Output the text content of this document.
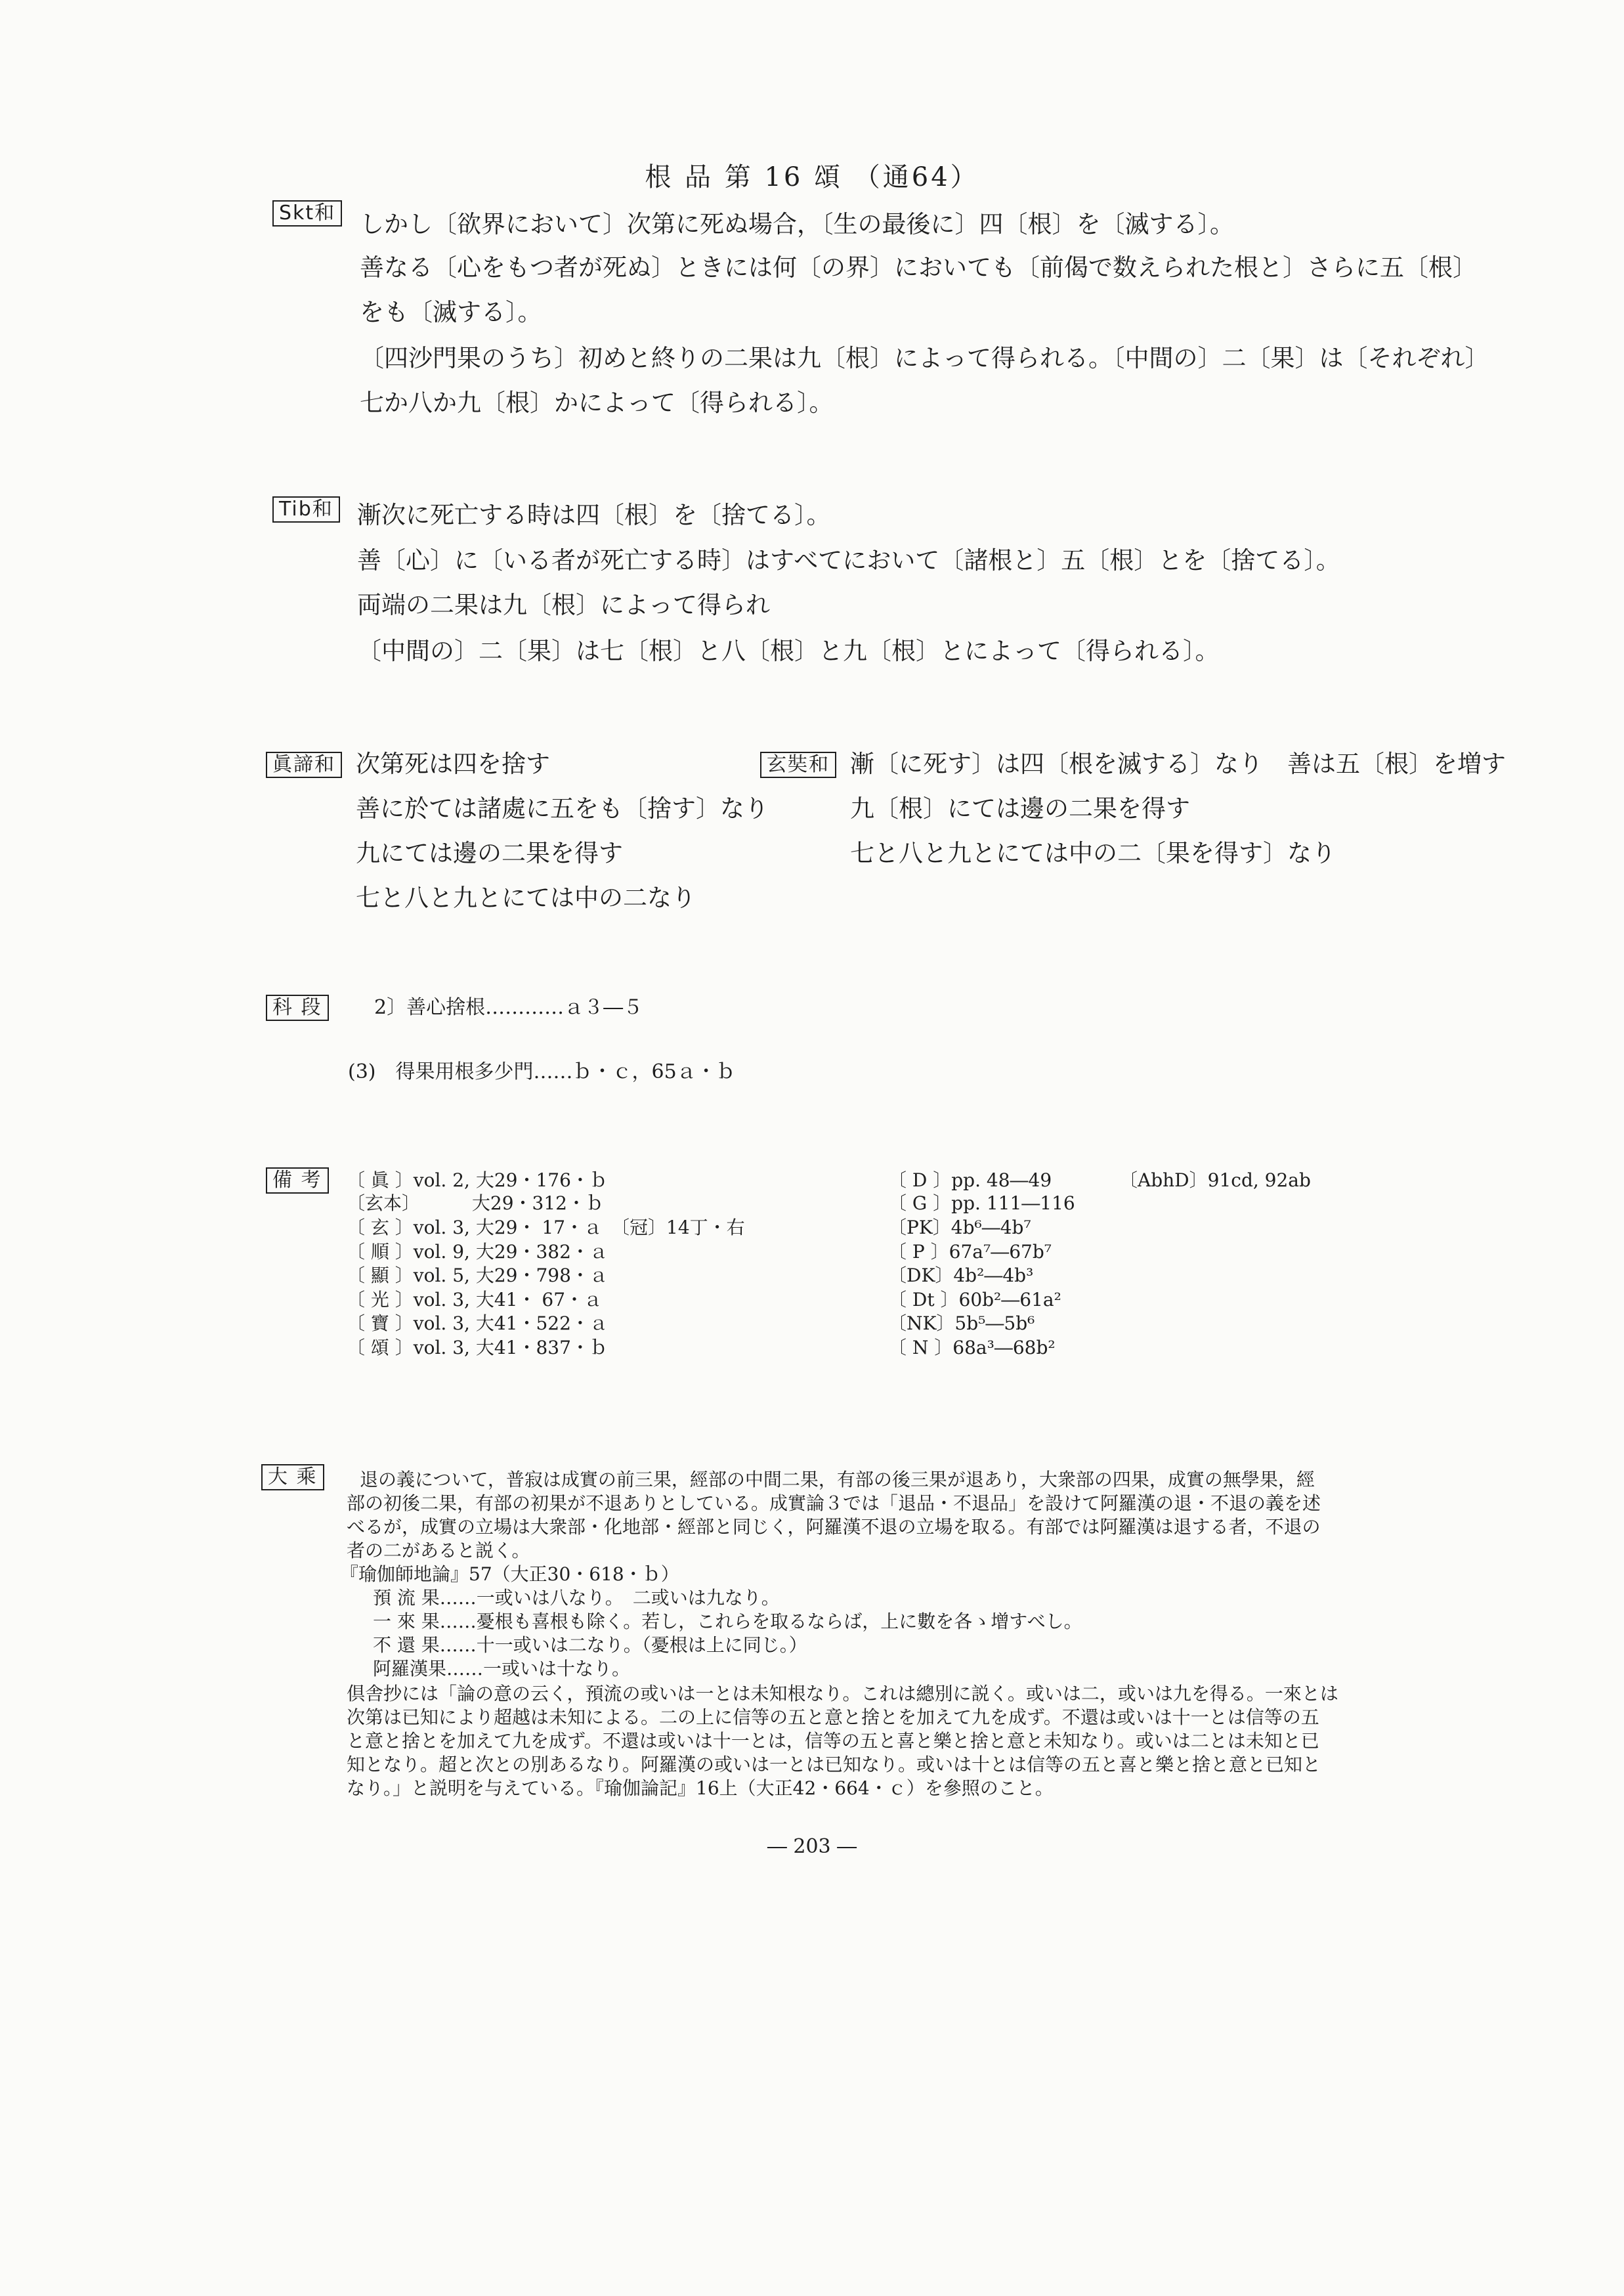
根 品 第 16 頌 （通64）
Skt和 しかし〔欲界において〕次第に死ぬ場合，〔生の最後に〕四〔根〕を〔滅する〕。
善なる〔心をもつ者が死ぬ〕ときには何〔の界〕においても〔前偈で数えられた根と〕さらに五〔根〕
をも〔滅する〕。
〔四沙門果のうち〕初めと終りの二果は九〔根〕によって得られる。〔中間の〕二〔果〕は〔それぞれ〕
七か八か九〔根〕かによって〔得られる〕。
Tib和 漸次に死亡する時は四〔根〕を〔捨てる〕。
善〔心〕に〔いる者が死亡する時〕はすべてにおいて〔諸根と〕五〔根〕とを〔捨てる〕。
両端の二果は九〔根〕によって得られ
〔中間の〕二〔果〕は七〔根〕と八〔根〕と九〔根〕とによって〔得られる〕。
眞諦和 次第死は四を捨す
善に於ては諸處に五をも〔捨す〕なり
九にては邊の二果を得す
七と八と九とにては中の二なり
玄奘和 漸〔に死す〕は四〔根を滅する〕なり　善は五〔根〕を増す
九〔根〕にては邊の二果を得す
七と八と九とにては中の二〔果を得す〕なり
科 段	2〕善心捨根…………ａ３―５
(3)　得果用根多少門……ｂ・ｃ，65ａ・ｂ
備 考	〔 眞 〕vol. 2, 大29・176・ｂ
〔玄本〕　　　 大29・312・ｂ
〔 玄 〕vol. 3, 大29・ 17・ａ　〔冠〕14丁・右
〔 順 〕vol. 9, 大29・382・ａ
〔 顯 〕vol. 5, 大29・798・ａ
〔 光 〕vol. 3, 大41・ 67・ａ
〔 寶 〕vol. 3, 大41・522・ａ
〔 頌 〕vol. 3, 大41・837・ｂ
〔 D 〕pp. 48―49
〔 G 〕pp. 111―116
〔PK〕4b⁶―4b⁷
〔 P 〕67a⁷―67b⁷
〔DK〕4b²―4b³
〔 Dt 〕60b²―61a²
〔NK〕5b⁵―5b⁶
〔 N 〕68a³―68b²
〔AbhD〕91cd, 92ab
大 乘	退の義について，普寂は成實の前三果，經部の中間二果，有部の後三果が退あり，大衆部の四果，成實の無學果，經
部の初後二果，有部の初果が不退ありとしている。成實論３では「退品・不退品」を設けて阿羅漢の退・不退の義を述
べるが，成實の立場は大衆部・化地部・經部と同じく，阿羅漢不退の立場を取る。有部では阿羅漢は退する者，不退の
者の二があると説く。
『瑜伽師地論』57（大正30・618・ｂ）
預 流 果……一或いは八なり。　二或いは九なり。
一 來 果……憂根も喜根も除く。若し，これらを取るならば，上に數を各ゝ增すべし。
不 還 果……十一或いは二なり。（憂根は上に同じ。）
阿羅漢果……一或いは十なり。
倶舎抄には「論の意の云く，預流の或いは一とは未知根なり。これは總別に説く。或いは二，或いは九を得る。一來とは
次第は已知により超越は未知による。二の上に信等の五と意と捨とを加えて九を成ず。不還は或いは十一とは信等の五
と意と捨とを加えて九を成ず。不還は或いは十一とは，信等の五と喜と樂と捨と意と未知なり。或いは二とは未知と已
知となり。超と次との別あるなり。阿羅漢の或いは一とは已知なり。或いは十とは信等の五と喜と樂と捨と意と已知と
なり。」と説明を与えている。『瑜伽論記』16上（大正42・664・ｃ）を參照のこと。
― 203 ―
